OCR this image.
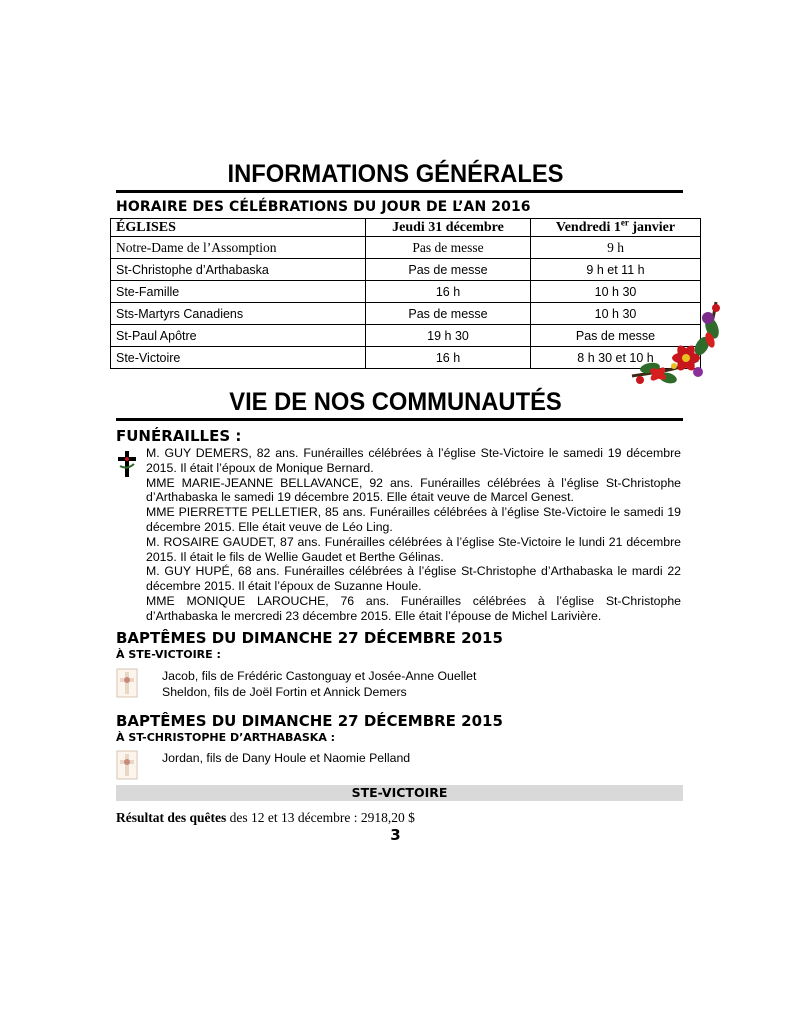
INFORMATIONS GÉNÉRALES
HORAIRE DES CÉLÉBRATIONS DU JOUR DE L’AN 2016
ÉGLISES	Jeudi 31 décembre	Vendredi 1er janvier
Notre-Dame de l’Assomption	Pas de messe	9 h
St-Christophe d’Arthabaska	Pas de messe	9 h et 11 h
Ste-Famille	16 h	10 h 30
Sts-Martyrs Canadiens	Pas de messe	10 h 30
St-Paul Apôtre	19 h 30	Pas de messe
Ste-Victoire	16 h	8 h 30 et 10 h
VIE DE NOS COMMUNAUTÉS
FUNÉRAILLES :

M. GUY DEMERS, 82 ans. Funérailles célébrées à l’église Ste-Victoire le samedi 19 décembre 2015. Il était l’époux de Monique Bernard.

MME MARIE-JEANNE BELLAVANCE, 92 ans. Funérailles célébrées à l’église St-Christophe d’Arthabaska le samedi 19 décembre 2015. Elle était veuve de Marcel Genest.

MME PIERRETTE PELLETIER, 85 ans. Funérailles célébrées à l’église Ste-Victoire le samedi 19 décembre 2015. Elle était veuve de Léo Ling.

M. ROSAIRE GAUDET, 87 ans. Funérailles célébrées à l’église Ste-Victoire le lundi 21 décembre 2015. Il était le fils de Wellie Gaudet et Berthe Gélinas.

M. GUY HUPÉ, 68 ans. Funérailles célébrées à l’église St-Christophe d’Arthabaska le mardi 22 décembre 2015. Il était l’époux de Suzanne Houle.

MME MONIQUE LAROUCHE, 76 ans. Funérailles célébrées à l’église St-Christophe d’Arthabaska le mercredi 23 décembre 2015. Elle était l’épouse de Michel Larivière.

BAPTÊMES DU DIMANCHE 27 DÉCEMBRE 2015
À STE-VICTOIRE :
Jacob, fils de Frédéric Castonguay et Josée-Anne Ouellet
Sheldon, fils de Joël Fortin et Annick Demers
BAPTÊMES DU DIMANCHE 27 DÉCEMBRE 2015
À ST-CHRISTOPHE D’ARTHABASKA :
Jordan, fils de Dany Houle et Naomie Pelland
STE-VICTOIRE
Résultat des quêtes des 12 et 13 décembre : 2918,20 $
3
